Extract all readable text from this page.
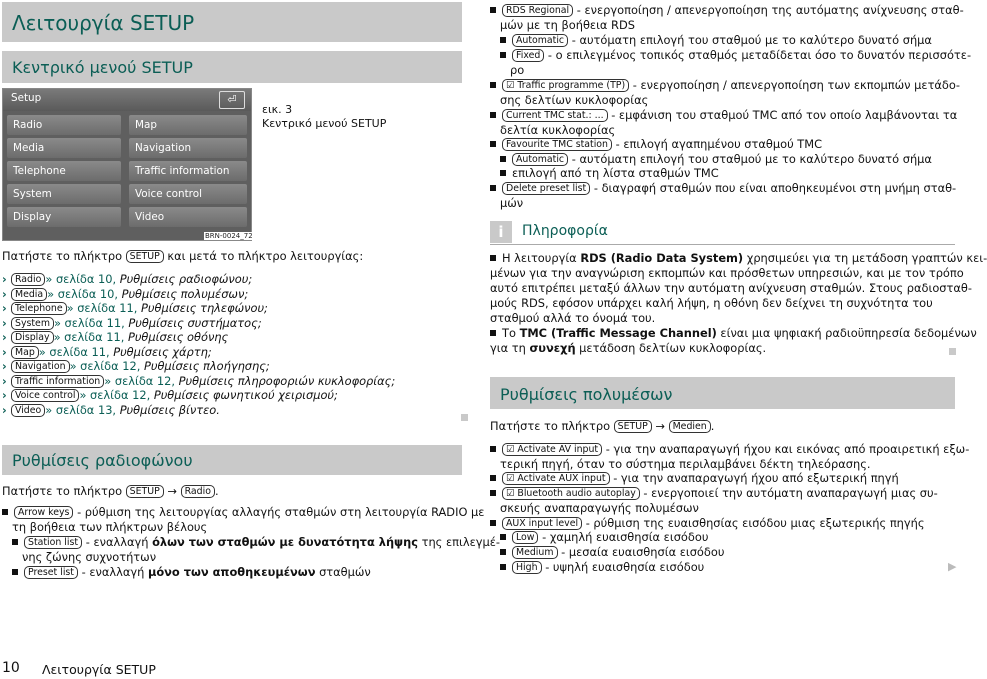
Λειτουργία SETUP
Κεντρικό μενού SETUP
Setup	⏎
Radio
Media
Telephone
System
Display
Map
Navigation
Traffic information
Voice control
Video
BRN-0024_72
εικ. 3
Κεντρικό μενού SETUP
Πατήστε το πλήκτρο SETUP και μετά το πλήκτρο λειτουργίας:
› Radio » σελίδα 10, Ρυθμίσεις ραδιοφώνου;
› Media » σελίδα 10, Ρυθμίσεις πολυμέσων;
› Telephone » σελίδα 11, Ρυθμίσεις τηλεφώνου;
› System » σελίδα 11, Ρυθμίσεις συστήματος;
› Display » σελίδα 11, Ρυθμίσεις οθόνης
› Map » σελίδα 11, Ρυθμίσεις χάρτη;
› Navigation » σελίδα 12, Ρυθμίσεις πλοήγησης;
› Traffic information » σελίδα 12, Ρυθμίσεις πληροφοριών κυκλοφορίας;
› Voice control » σελίδα 12, Ρυθμίσεις φωνητικού χειρισμού;
› Video » σελίδα 13, Ρυθμίσεις βίντεο.
Ρυθμίσεις ραδιοφώνου
Πατήστε το πλήκτρο SETUP → Radio .
Arrow keys - ρύθμιση της λειτουργίας αλλαγής σταθμών στη λειτουργία RADIO με
τη βοήθεια των πλήκτρων βέλους
Station list - εναλλαγή όλων των σταθμών με δυνατότητα λήψης της επιλεγμέ-
νης ζώνης συχνοτήτων
Preset list - εναλλαγή μόνο των αποθηκευμένων σταθμών
RDS Regional - ενεργοποίηση / απενεργοποίηση της αυτόματης ανίχνευσης σταθ-
μών με τη βοήθεια RDS
Automatic - αυτόματη επιλογή του σταθμού με το καλύτερο δυνατό σήμα
Fixed - ο επιλεγμένος τοπικός σταθμός μεταδίδεται όσο το δυνατόν περισσότε-
ρο
☑ Traffic programme (TP) - ενεργοποίηση / απενεργοποίηση των εκπομπών μετάδο-
σης δελτίων κυκλοφορίας
Current TMC stat.: ... - εμφάνιση του σταθμού TMC από τον οποίο λαμβάνονται τα
δελτία κυκλοφορίας
Favourite TMC station - επιλογή αγαπημένου σταθμού TMC
Automatic - αυτόματη επιλογή του σταθμού με το καλύτερο δυνατό σήμα
επιλογή από τη λίστα σταθμών TMC
Delete preset list - διαγραφή σταθμών που είναι αποθηκευμένοι στη μνήμη σταθ-
μών
i	Πληροφορία
Η λειτουργία RDS (Radio Data System) χρησιμεύει για τη μετάδοση γραπτών κει-
μένων για την αναγνώριση εκπομπών και πρόσθετων υπηρεσιών, και με τον τρόπο
αυτό επιτρέπει μεταξύ άλλων την αυτόματη ανίχνευση σταθμών. Στους ραδιοσταθ-
μούς RDS, εφόσον υπάρχει καλή λήψη, η οθόνη δεν δείχνει τη συχνότητα του
σταθμού αλλά το όνομά του.
Το TMC (Traffic Message Channel) είναι μια ψηφιακή ραδιοϋπηρεσία δεδομένων
για τη συνεχή μετάδοση δελτίων κυκλοφορίας.
Ρυθμίσεις πολυμέσων
Πατήστε το πλήκτρο SETUP → Medien .
☑ Activate AV input - για την αναπαραγωγή ήχου και εικόνας από προαιρετική εξω-
τερική πηγή, όταν το σύστημα περιλαμβάνει δέκτη τηλεόρασης.
☑ Activate AUX input - για την αναπαραγωγή ήχου από εξωτερική πηγή
☑ Bluetooth audio autoplay - ενεργοποιεί την αυτόματη αναπαραγωγή μιας συ-
σκευής αναπαραγωγής πολυμέσων
AUX input level - ρύθμιση της ευαισθησίας εισόδου μιας εξωτερικής πηγής
Low - χαμηλή ευαισθησία εισόδου
Medium - μεσαία ευαισθησία εισόδου
High - υψηλή ευαισθησία εισόδου	▶
10 Λειτουργία SETUP
